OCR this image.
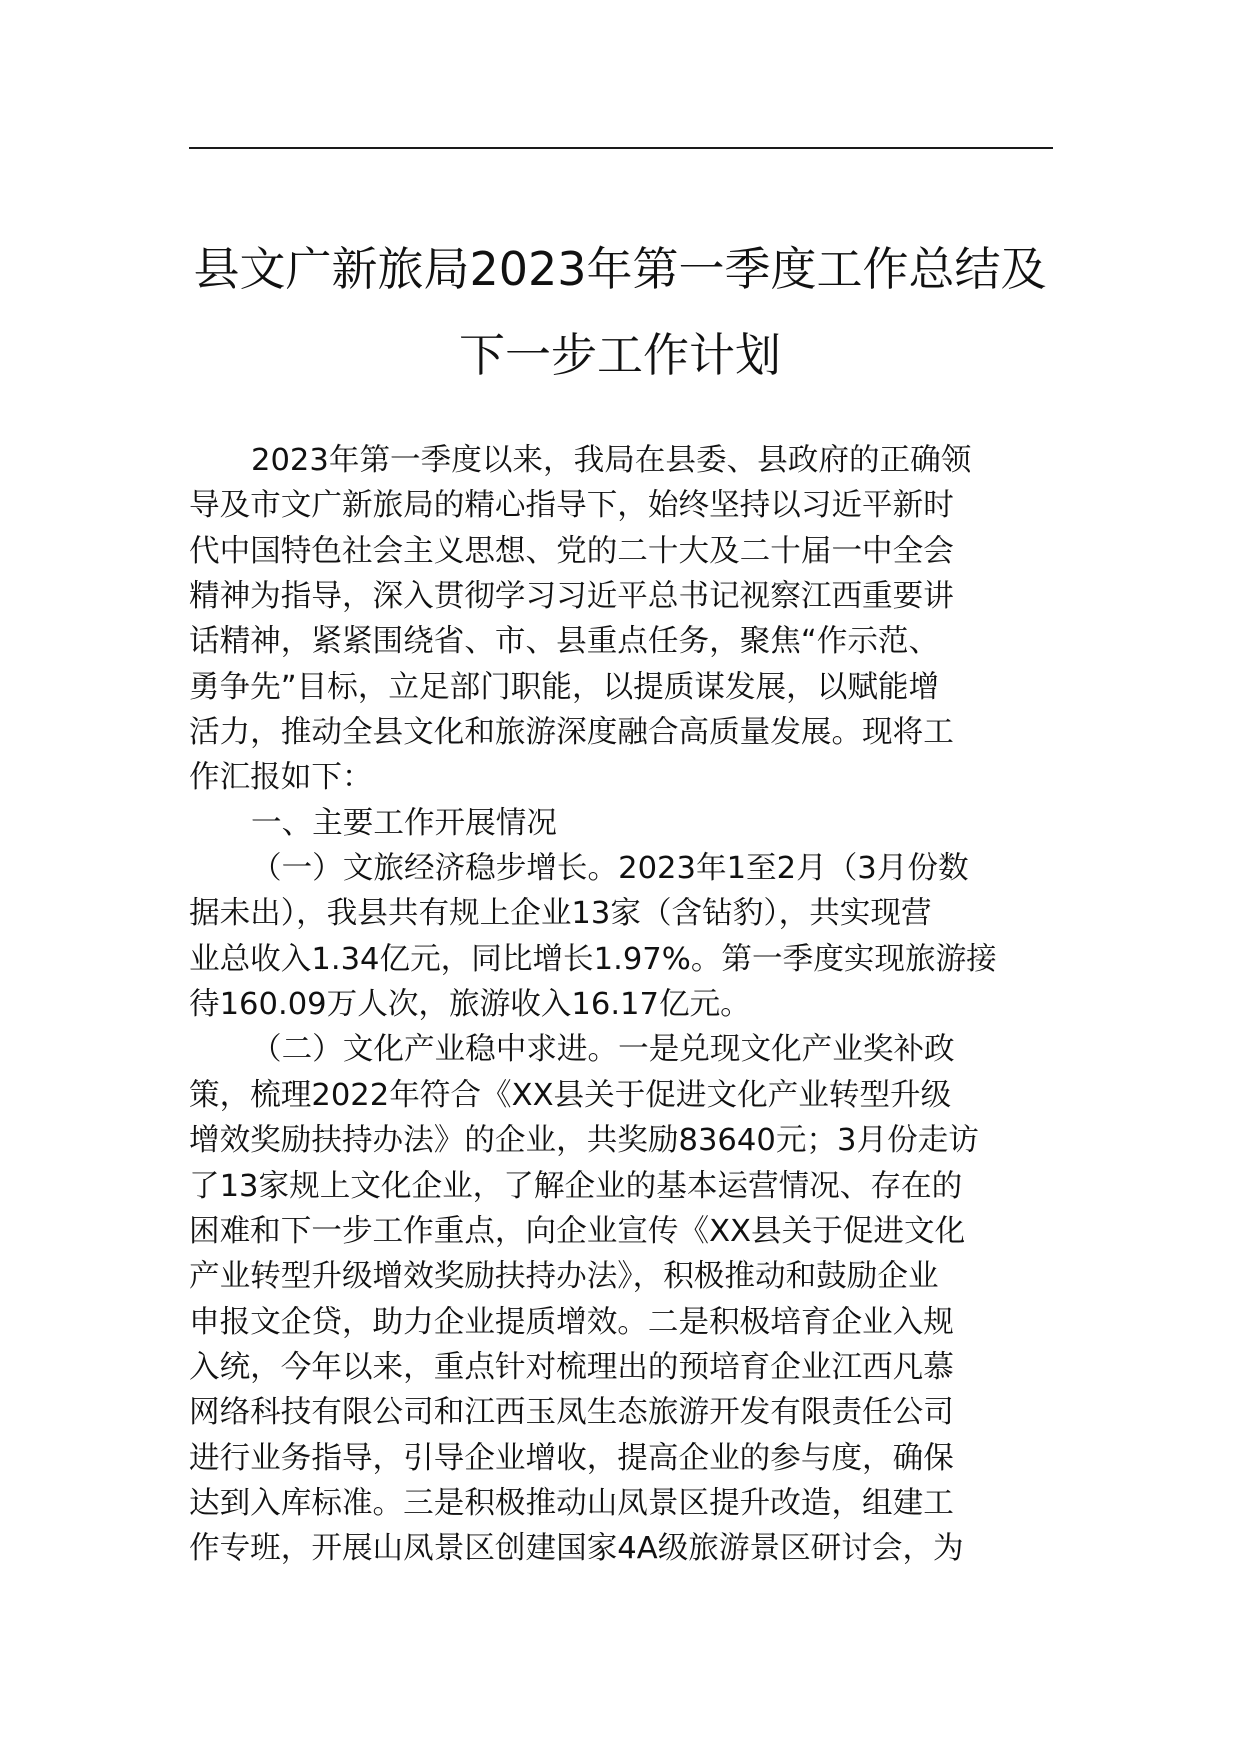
县文广新旅局2023年第一季度工作总结及
下一步工作计划
2023年第一季度以来，我局在县委、县政府的正确领
导及市文广新旅局的精心指导下，始终坚持以习近平新时
代中国特色社会主义思想、党的二十大及二十届一中全会
精神为指导，深入贯彻学习习近平总书记视察江西重要讲
话精神，紧紧围绕省、市、县重点任务，聚焦“作示范、
勇争先”目标，立足部门职能，以提质谋发展，以赋能增
活力，推动全县文化和旅游深度融合高质量发展。现将工
作汇报如下：
一、主要工作开展情况
（一）文旅经济稳步增长。2023年1至2月（3月份数
据未出），我县共有规上企业13家（含钻豹），共实现营
业总收入1.34亿元，同比增长1.97%。第一季度实现旅游接
待160.09万人次，旅游收入16.17亿元。
（二）文化产业稳中求进。一是兑现文化产业奖补政
策，梳理2022年符合《XX县关于促进文化产业转型升级
增效奖励扶持办法》的企业，共奖励83640元；3月份走访
了13家规上文化企业，了解企业的基本运营情况、存在的
困难和下一步工作重点，向企业宣传《XX县关于促进文化
产业转型升级增效奖励扶持办法》，积极推动和鼓励企业
申报文企贷，助力企业提质增效。二是积极培育企业入规
入统，今年以来，重点针对梳理出的预培育企业江西凡慕
网络科技有限公司和江西玉凤生态旅游开发有限责任公司
进行业务指导，引导企业增收，提高企业的参与度，确保
达到入库标准。三是积极推动山凤景区提升改造，组建工
作专班，开展山凤景区创建国家4A级旅游景区研讨会，为
